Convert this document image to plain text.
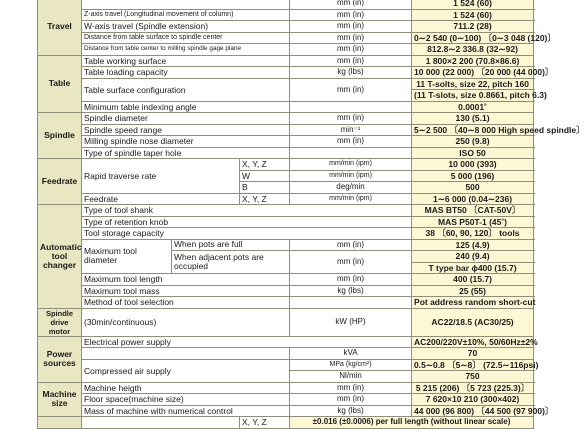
Travel				mm (in)	1 524 (60)	
	Z-axis travel (Longitudinal movement of column)			mm (in)	1 524 (60)	
	W-axis travel (Spindle extension)			mm (in)	711.2 (28)	
	Distance from table surface to spindle center			mm (in)	0∼2 540 (0∼100) 〔0∼3 048 (120)〕	
	Distance from table center to milling spindle gage plane			mm (in)	812.8∼2 336.8 (32∼92)	
Table	Table working surface			mm (in)	1 800×2 200 (70.8×86.6)	
	Table loading capacity			kg (lbs)	10 000 (22 000) 〔20 000 (44 000)〕	
	Table surface configuration			mm (in)	11 T-solts, size 22, pitch 160	
					(11 T-slots, size 0.8661, pitch 6.3)	
	Minimum table indexing angle				0.0001˚	
Spindle	Spindle diameter			mm (in)	130 (5.1)	
	Spindle speed range			min⁻¹	5∼2 500 〔40∼8 000 High speed spindle〕	
	Milling spindle nose diameter			mm (in)	250 (9.8)	
	Type of spindle taper hole				ISO 50	
Feedrate	Rapid traverse rate		X, Y, Z	mm/min (ipm)	10 000 (393)	
			W	mm/min (ipm)	5 000 (196)	
			B	deg/min	500	
	Feedrate		X, Y, Z	mm/min (ipm)	1∼6 000 (0.04∼236)	
Automatic tool changer	Type of tool shank				MAS BT50 〔CAT-50V〕	
	Type of retention knob				MAS P50T-1 (45˚)	
	Tool storage capacity				38 〔60, 90, 120〕 tools	
	Maximum tool diameter	When pots are full		mm (in)	125 (4.9)	

		When adjacent pots are occupied		mm (in)	240 (9.4)	
					T type bar ϕ400 (15.7)	

	Maximum tool length			mm (in)	400 (15.7)	
	Maximum tool mass			kg (lbs)	25 (55)	
	Method of tool selection				Pot address random short-cut	
Spindle drive motor	(30min/continuous)			kW (HP)	AC22/18.5 (AC30/25)	

Power sources	Electrical power supply				AC200/220V±10%, 50/60Hz±2%	
				kVA	70	
	Compressed air supply			MPa (kg/cm²)	0.5∼0.8 〔5∼8〕 (72.5∼116psi)	
				Nl/min	750	

Machine size	Machine heigth			mm (in)	5 215 (206) 〔5 723 (225.3)〕	
	Floor space(machine size)			mm (in)	7 620×10 210 (300×402)	
	Mass of machine with numerical control			kg (lbs)	44 000 (96 800) 〔44 500 (97 900)〕	
			X, Y, Z	±0.016 (±0.0006) per full length (without linear scale)		
